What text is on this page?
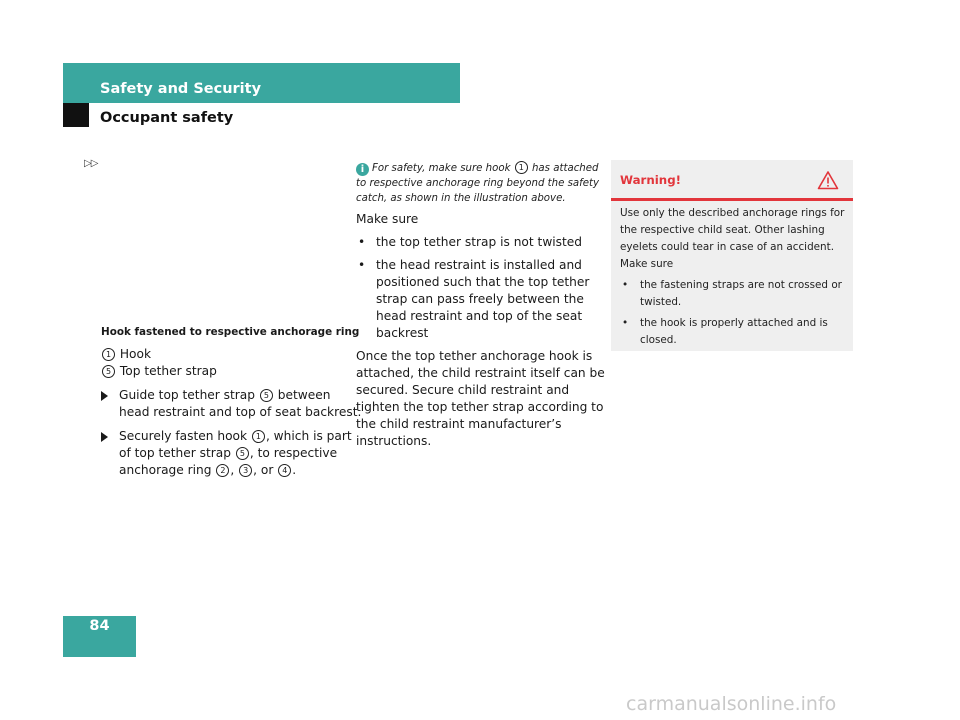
Safety and Security
Occupant safety
▷▷
Hook fastened to respective anchorage ring
1 Hook
5 Top tether strap
Guide top tether strap 5 between head restraint and top of seat backrest.
Securely fasten hook 1 , which is part of top tether strap 5 , to respective anchorage ring 2 , 3 , or 4 .
i For safety, make sure hook 1 has attached to respective anchorage ring beyond the safety catch, as shown in the illustration above.
Make sure
• the top tether strap is not twisted
• the head restraint is installed and positioned such that the top tether strap can pass freely between the head restraint and top of the seat backrest
Once the top tether anchorage hook is attached, the child restraint itself can be secured. Secure child restraint and tighten the top tether strap according to the child restraint manufacturer’s instructions.
Warning!
Use only the described anchorage rings for the respective child seat. Other lashing eyelets could tear in case of an accident.
Make sure
• the fastening straps are not crossed or twisted.
• the hook is properly attached and is closed.
84
carmanualsonline.info
